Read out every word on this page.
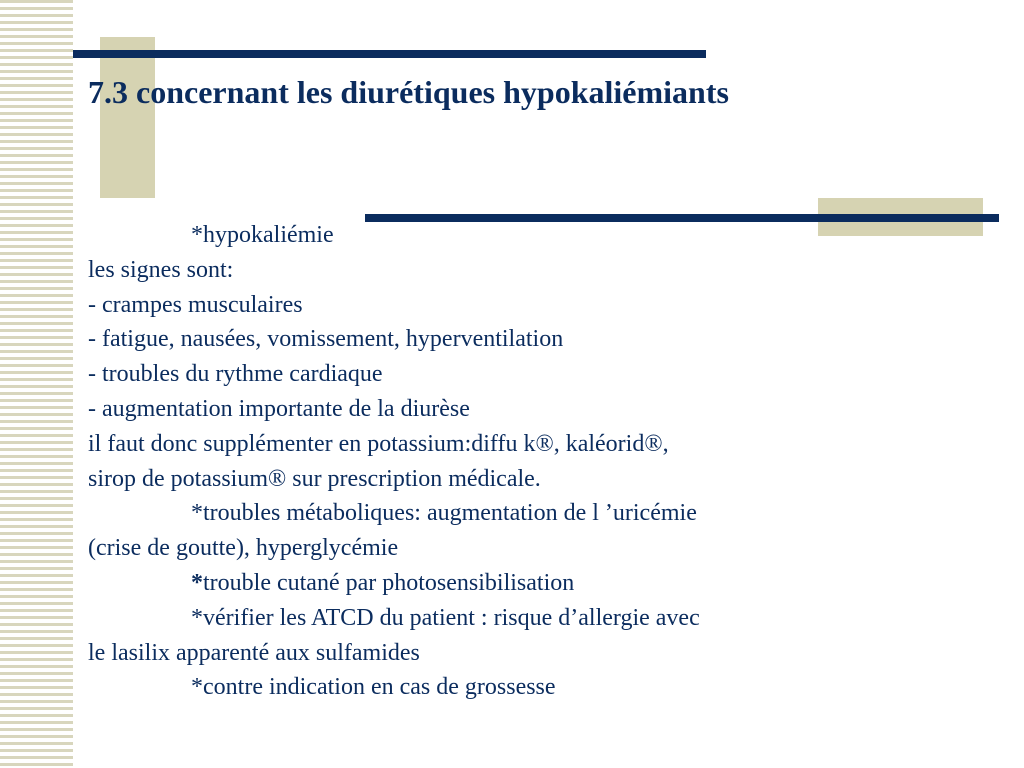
7.3 concernant les diurétiques hypokaliémiants
*hypokaliémie
les signes sont:
- crampes musculaires
- fatigue, nausées, vomissement, hyperventilation
- troubles du rythme cardiaque
- augmentation importante de la diurèse
il faut donc supplémenter en potassium:diffu k®, kaléorid®,
sirop de potassium® sur prescription médicale.
*troubles métaboliques: augmentation de l ’uricémie
(crise de goutte), hyperglycémie
*trouble cutané par photosensibilisation
*vérifier les ATCD du patient : risque d’allergie avec
le lasilix apparenté aux sulfamides
*contre indication en cas de grossesse
